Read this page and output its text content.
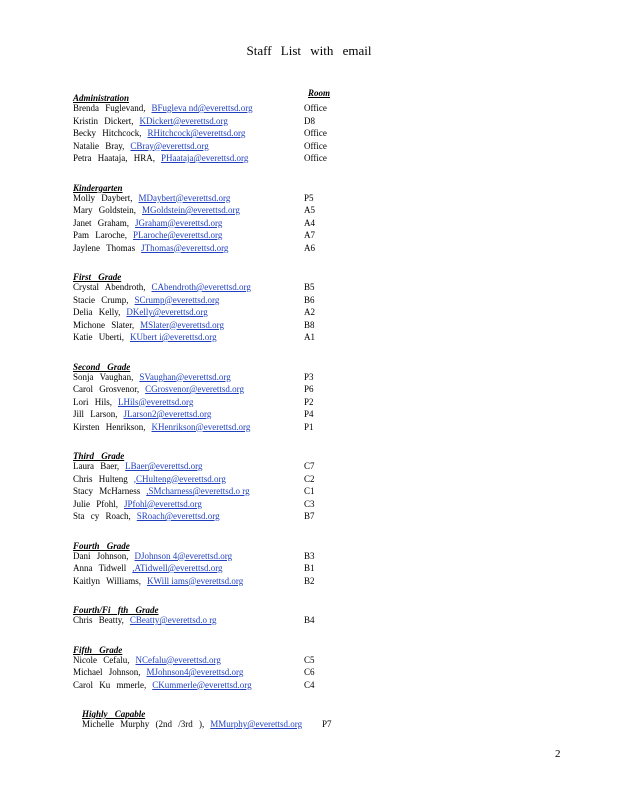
Staff List with email
Administration	Room
Brenda Fuglevand, BFugleva nd@everettsd.org	Office
Kristin Dickert, KDickert@everettsd.org	D8
Becky Hitchcock, RHitchcock@everettsd.org	Office
Natalie Bray, CBray@everettsd.org	Office
Petra Haataja, HRA, PHaataja@everettsd.org	Office
Kindergarten
Molly Daybert, MDaybert@everettsd.org	P5
Mary Goldstein, MGoldstein@everettsd.org	A5
Janet Graham, JGraham@everettsd.org	A4
Pam Laroche, PLaroche@everettsd.org	A7
Jaylene Thomas JThomas@everettsd.org	A6
First Grade
Crystal Abendroth, CAbendroth@everettsd.org	B5
Stacie Crump, SCrump@everettsd.org	B6
Delia Kelly, DKelly@everettsd.org	A2
Michone Slater, MSlater@everettsd.org	B8
Katie Uberti, KUbert i@everettsd.org	A1
Second Grade
Sonja Vaughan, SVaughan@everettsd.org	P3
Carol Grosvenor, CGrosvenor@everettsd.org	P6
Lori Hils, LHils@everettsd.org	P2
Jill Larson, JLarson2@everettsd.org	P4
Kirsten Henrikson, KHenrikson@everettsd.org	P1
Third Grade
Laura Baer, LBaer@everettsd.org	C7
Chris Hulteng ,CHulteng@everettsd.org	C2
Stacy McHarness ,SMcharness@everettsd.o rg	C1
Julie Pfohl, JPfohl@everettsd.org	C3
Sta cy Roach, SRoach@everettsd.org	B7
Fourth Grade
Dani Johnson, DJohnson 4@everettsd.org	B3
Anna Tidwell ,ATidwell@everettsd.org	B1
Kaitlyn Williams, KWill iams@everettsd.org	B2
Fourth/Fi fth Grade
Chris Beatty, CBeatty@everettsd.o rg	B4
Fifth Grade
Nicole Cefalu, NCefalu@everettsd.org	C5
Michael Johnson, MJohnson4@everettsd.org	C6
Carol Ku mmerle, CKummerle@everettsd.org	C4
Highly Capable
Michelle Murphy (2nd /3rd ), MMurphy@everettsd.org P7
2
